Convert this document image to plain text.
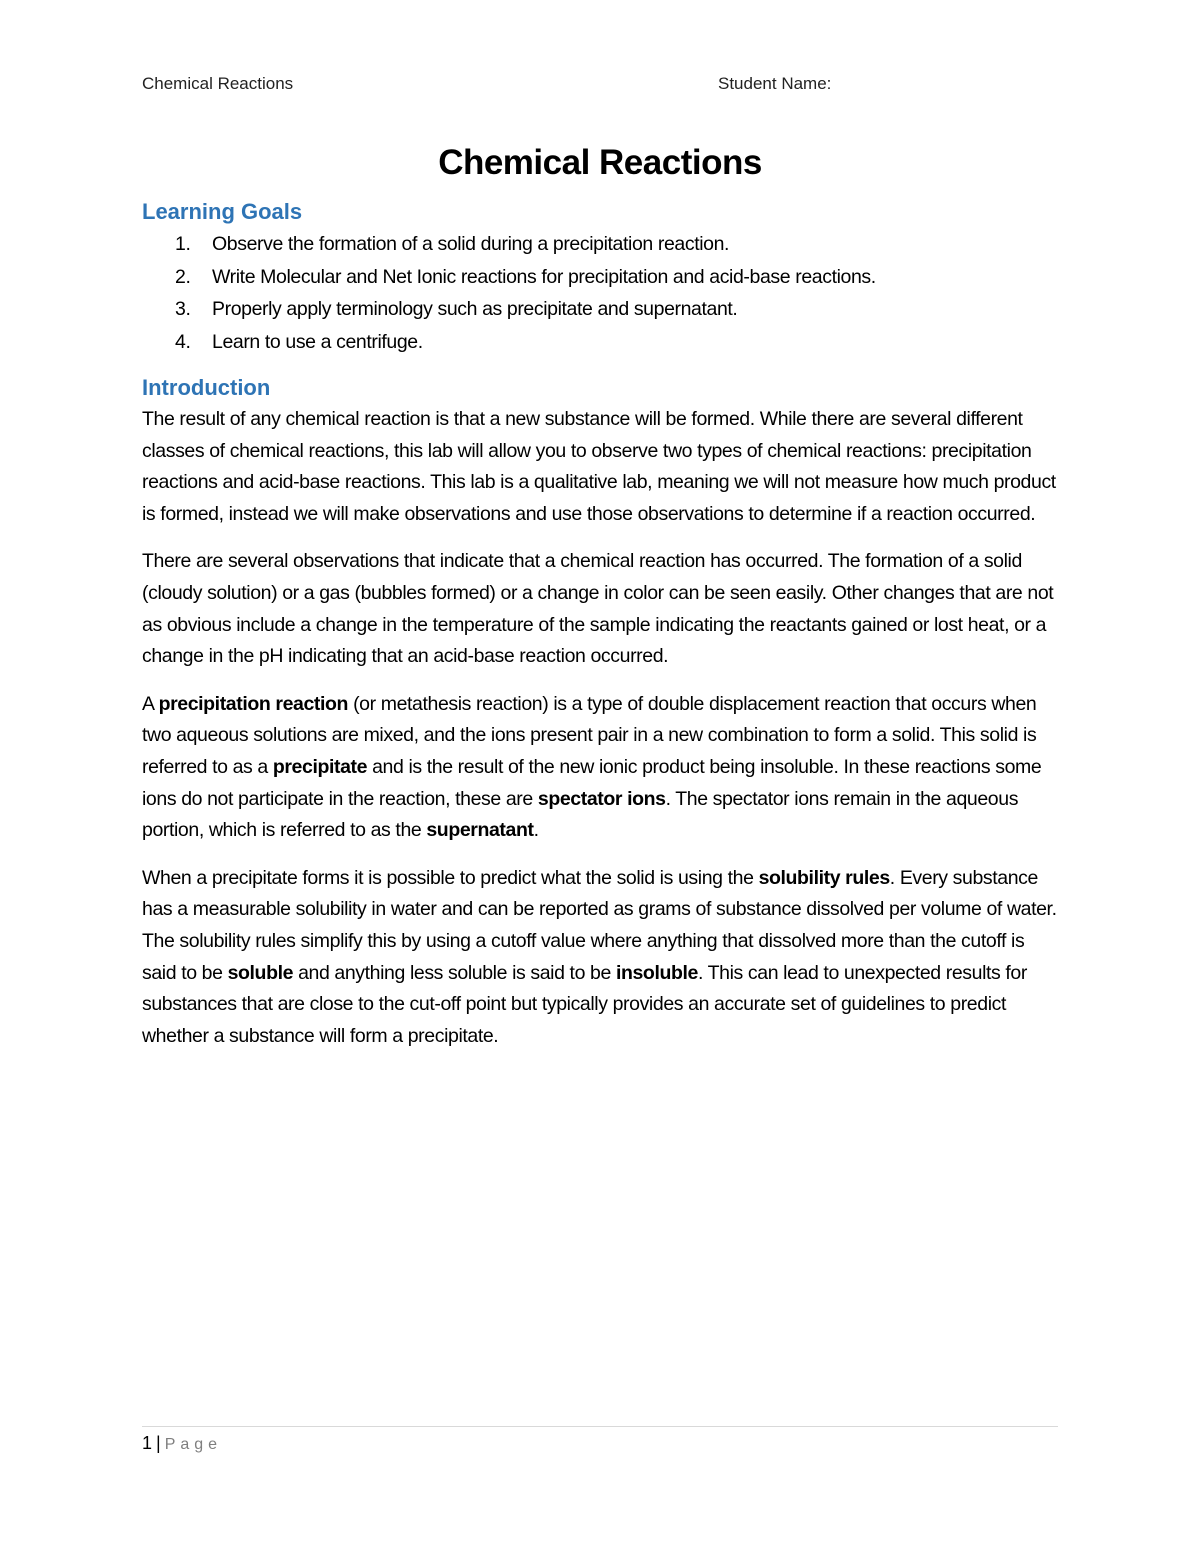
Chemical Reactions	Student Name:
Chemical Reactions
Learning Goals
1. Observe the formation of a solid during a precipitation reaction.
2. Write Molecular and Net Ionic reactions for precipitation and acid-base reactions.
3. Properly apply terminology such as precipitate and supernatant.
4. Learn to use a centrifuge.
Introduction

The result of any chemical reaction is that a new substance will be formed. While there are several different classes of chemical reactions, this lab will allow you to observe two types of chemical reactions: precipitation reactions and acid-base reactions. This lab is a qualitative lab, meaning we will not measure how much product is formed, instead we will make observations and use those observations to determine if a reaction occurred.

There are several observations that indicate that a chemical reaction has occurred. The formation of a solid (cloudy solution) or a gas (bubbles formed) or a change in color can be seen easily. Other changes that are not as obvious include a change in the temperature of the sample indicating the reactants gained or lost heat, or a change in the pH indicating that an acid-base reaction occurred.

A precipitation reaction (or metathesis reaction) is a type of double displacement reaction that occurs when two aqueous solutions are mixed, and the ions present pair in a new combination to form a solid. This solid is referred to as a precipitate and is the result of the new ionic product being insoluble. In these reactions some ions do not participate in the reaction, these are spectator ions. The spectator ions remain in the aqueous portion, which is referred to as the supernatant.

When a precipitate forms it is possible to predict what the solid is using the solubility rules. Every substance has a measurable solubility in water and can be reported as grams of substance dissolved per volume of water. The solubility rules simplify this by using a cutoff value where anything that dissolved more than the cutoff is said to be soluble and anything less soluble is said to be insoluble. This can lead to unexpected results for substances that are close to the cut-off point but typically provides an accurate set of guidelines to predict whether a substance will form a precipitate.

1 | Page
